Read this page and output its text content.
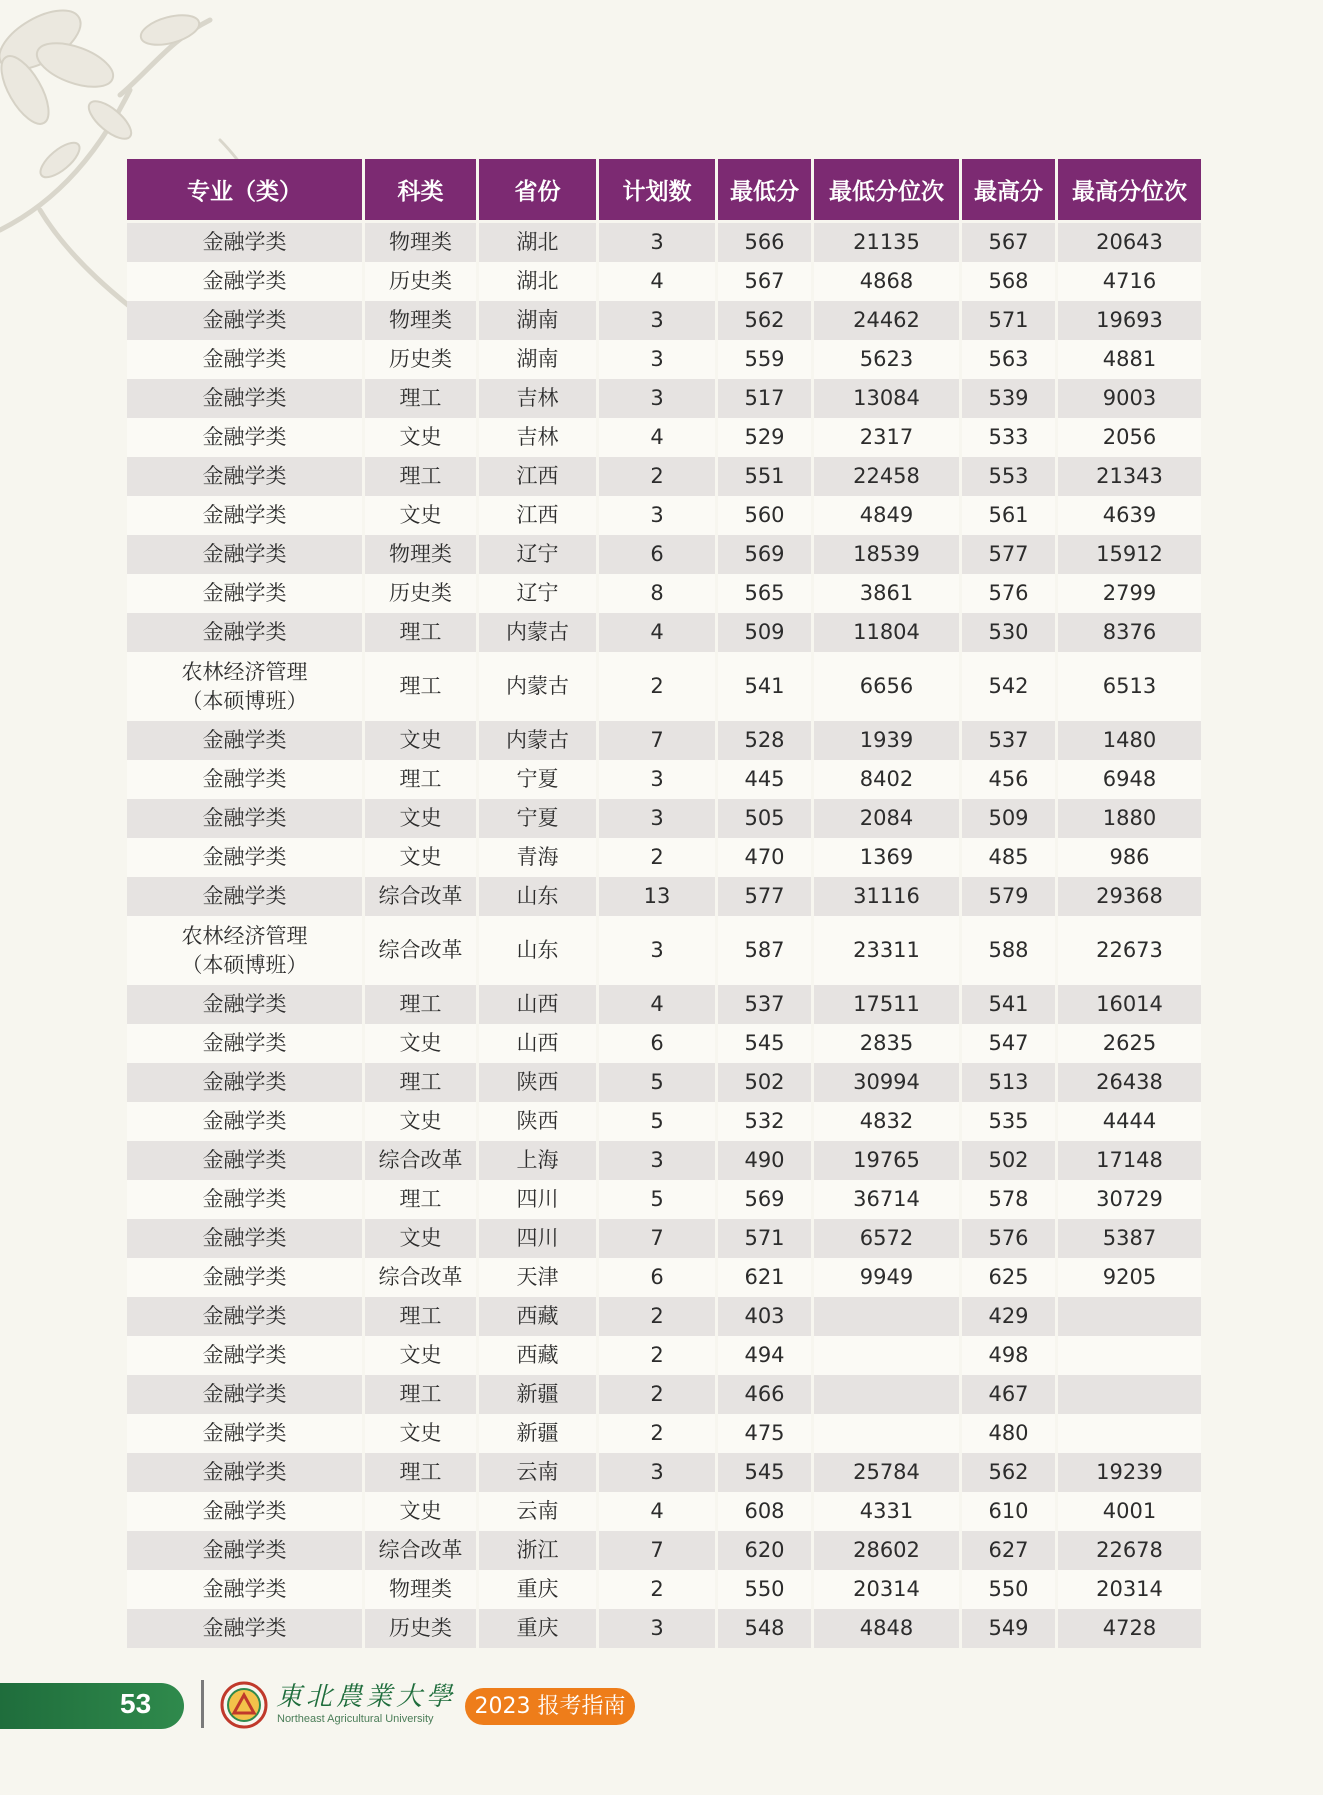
专业（类）	科类	省份	计划数	最低分	最低分位次	最高分	最高分位次
金融学类	物理类	湖北	3	566	21135	567	20643
金融学类	历史类	湖北	4	567	4868	568	4716
金融学类	物理类	湖南	3	562	24462	571	19693
金融学类	历史类	湖南	3	559	5623	563	4881
金融学类	理工	吉林	3	517	13084	539	9003
金融学类	文史	吉林	4	529	2317	533	2056
金融学类	理工	江西	2	551	22458	553	21343
金融学类	文史	江西	3	560	4849	561	4639
金融学类	物理类	辽宁	6	569	18539	577	15912
金融学类	历史类	辽宁	8	565	3861	576	2799
金融学类	理工	内蒙古	4	509	11804	530	8376
农林经济管理
（本硕博班）	理工	内蒙古	2	541	6656	542	6513
金融学类	文史	内蒙古	7	528	1939	537	1480
金融学类	理工	宁夏	3	445	8402	456	6948
金融学类	文史	宁夏	3	505	2084	509	1880
金融学类	文史	青海	2	470	1369	485	986
金融学类	综合改革	山东	13	577	31116	579	29368
农林经济管理
（本硕博班）	综合改革	山东	3	587	23311	588	22673
金融学类	理工	山西	4	537	17511	541	16014
金融学类	文史	山西	6	545	2835	547	2625
金融学类	理工	陕西	5	502	30994	513	26438
金融学类	文史	陕西	5	532	4832	535	4444
金融学类	综合改革	上海	3	490	19765	502	17148
金融学类	理工	四川	5	569	36714	578	30729
金融学类	文史	四川	7	571	6572	576	5387
金融学类	综合改革	天津	6	621	9949	625	9205
金融学类	理工	西藏	2	403		429	
金融学类	文史	西藏	2	494		498	
金融学类	理工	新疆	2	466		467	
金融学类	文史	新疆	2	475		480	
金融学类	理工	云南	3	545	25784	562	19239
金融学类	文史	云南	4	608	4331	610	4001
金融学类	综合改革	浙江	7	620	28602	627	22678
金融学类	物理类	重庆	2	550	20314	550	20314
金融学类	历史类	重庆	3	548	4848	549	4728
53	東北農業大學
Northeast Agricultural University	2023 报考指南
